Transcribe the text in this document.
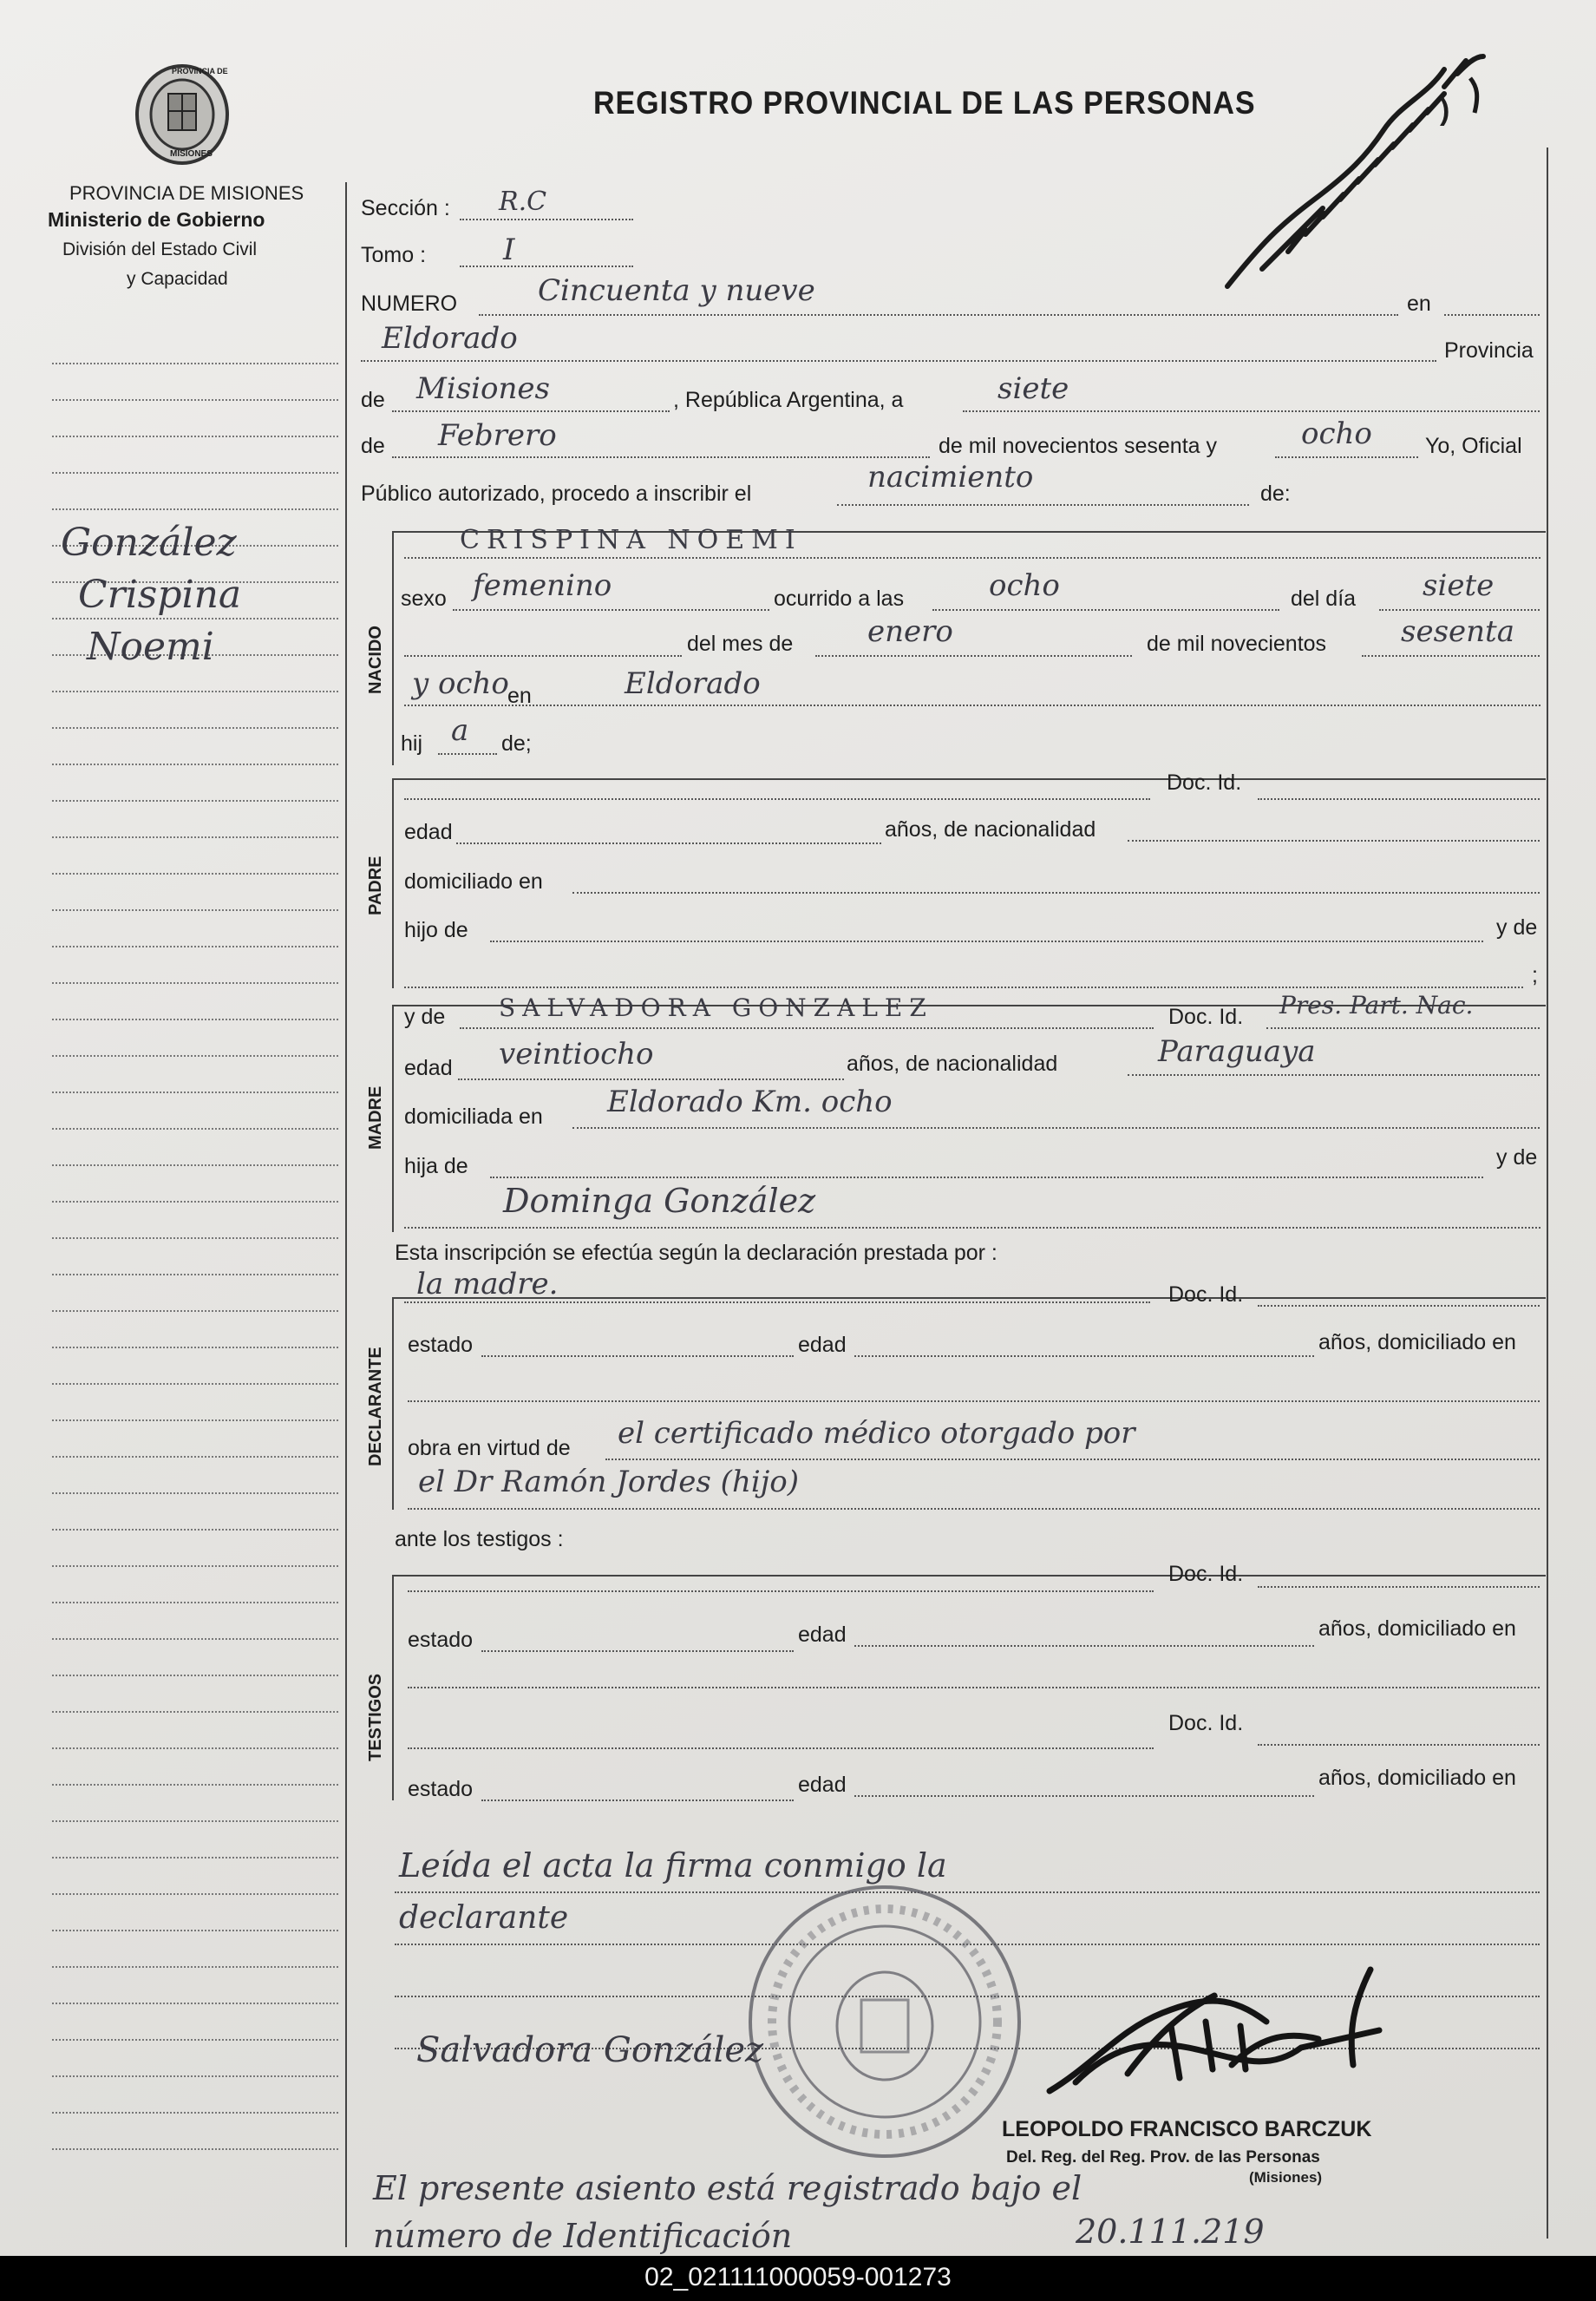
PROVINCIA DE
MISIONES
PROVINCIA DE MISIONES
Ministerio de Gobierno
División del Estado Civil
y Capacidad
REGISTRO PROVINCIAL DE LAS PERSONAS	)
González
Crispina
Noemi
Sección : R.C
Tomo :	I
NUMERO	Cincuenta y nueve	en
Eldorado	Provincia
de Misiones	, República Argentina, a	siete
de Febrero	de mil novecientos sesenta y	ocho Yo, Oficial
Público autorizado, procedo a inscribir el	nacimiento	de:
NACIDO
CRISPINA NOEMI
sexo femenino	ocurrido a las	ocho	del día siete
del mes de	enero	de mil novecientos	sesenta
y ocho
en	Eldorado
hij a de;
PADRE
Doc. Id.
edad	años, de nacionalidad
domiciliado en
hijo de	y de
;
MADRE
y de SALVADORA GONZALEZ	Doc. Id. Pres. Part. Nac.
edad veintiocho	años, de nacionalidad	Paraguaya
domiciliada en Eldorado Km. ocho
hija de	y de
Dominga González
Esta inscripción se efectúa según la declaración prestada por :
DECLARANTE
la madre.	Doc. Id.
estado	edad	años, domiciliado en
obra en virtud de el certificado médico otorgado por
el Dr Ramón Jordes (hijo)
ante los testigos :
TESTIGOS
Doc. Id.
estado	edad	años, domiciliado en
Doc. Id.
estado	edad	años, domiciliado en
Leída el acta la firma conmigo la
declarante
Salvadora González
LEOPOLDO FRANCISCO BARCZUK
Del. Reg. del Reg. Prov. de las Personas
(Misiones)
El presente asiento está registrado bajo el
número de Identificación	20.111.219
02_021111000059-001273
